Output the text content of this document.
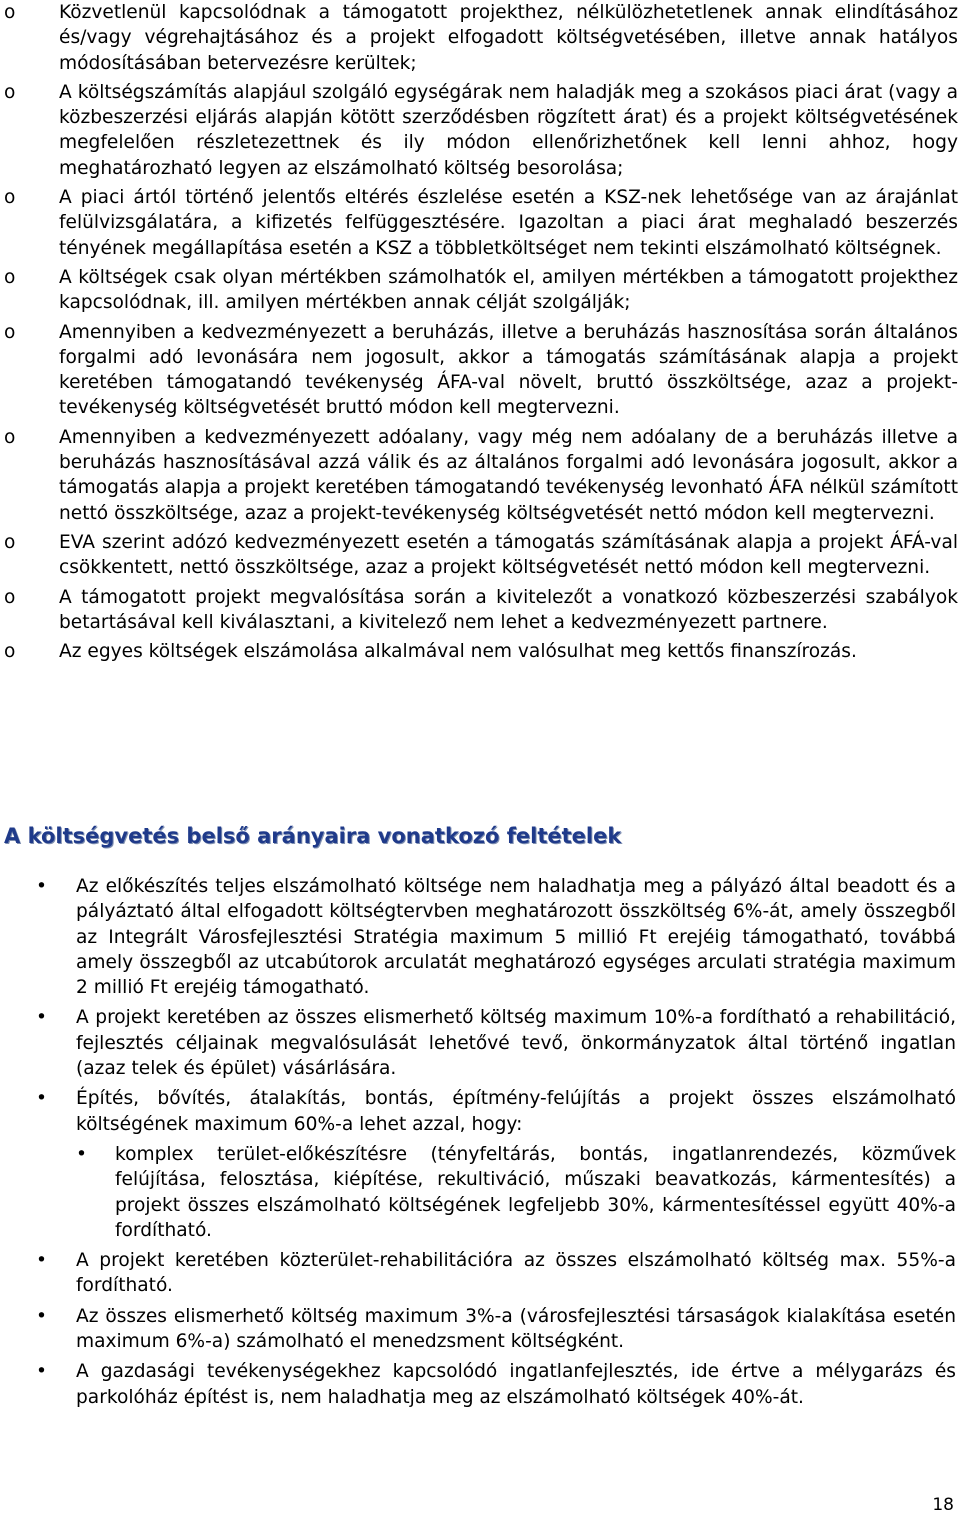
o Közvetlenül kapcsolódnak a támogatott projekthez, nélkülözhetetlenek annak elindításához és/vagy végrehajtásához és a projekt elfogadott költségvetésében, illetve annak hatályos módosításában betervezésre kerültek;

o A költségszámítás alapjául szolgáló egységárak nem haladják meg a szokásos piaci árat (vagy a közbeszerzési eljárás alapján kötött szerződésben rögzített árat) és a projekt költségvetésének megfelelően részletezettnek és ily módon ellenőrizhetőnek kell lenni ahhoz, hogy meghatározható legyen az elszámolható költség besorolása;

o A piaci ártól történő jelentős eltérés észlelése esetén a KSZ-nek lehetősége van az árajánlat felülvizsgálatára, a kifizetés felfüggesztésére. Igazoltan a piaci árat meghaladó beszerzés tényének megállapítása esetén a KSZ a többletköltséget nem tekinti elszámolható költségnek.

o A költségek csak olyan mértékben számolhatók el, amilyen mértékben a támogatott projekthez kapcsolódnak, ill. amilyen mértékben annak célját szolgálják;

o Amennyiben a kedvezményezett a beruházás, illetve a beruházás hasznosítása során általános forgalmi adó levonására nem jogosult, akkor a támogatás számításának alapja a projekt keretében támogatandó tevékenység ÁFA-val növelt, bruttó összköltsége, azaz a projekt-tevékenység költségvetését bruttó módon kell megtervezni.

o Amennyiben a kedvezményezett adóalany, vagy még nem adóalany de a beruházás illetve a beruházás hasznosításával azzá válik és az általános forgalmi adó levonására jogosult, akkor a támogatás alapja a projekt keretében támogatandó tevékenység levonható ÁFA nélkül számított nettó összköltsége, azaz a projekt-tevékenység költségvetését nettó módon kell megtervezni.

o EVA szerint adózó kedvezményezett esetén a támogatás számításának alapja a projekt ÁFÁ-val csökkentett, nettó összköltsége, azaz a projekt költségvetését nettó módon kell megtervezni.

o A támogatott projekt megvalósítása során a kivitelezőt a vonatkozó közbeszerzési szabályok betartásával kell kiválasztani, a kivitelező nem lehet a kedvezményezett partnere.

o Az egyes költségek elszámolása alkalmával nem valósulhat meg kettős finanszírozás.

A költségvetés belső arányaira vonatkozó feltételek
• Az előkészítés teljes elszámolható költsége nem haladhatja meg a pályázó által beadott és a pályáztató által elfogadott költségtervben meghatározott összköltség 6%-át, amely összegből az Integrált Városfejlesztési Stratégia maximum 5 millió Ft erejéig támogatható, továbbá amely összegből az utcabútorok arculatát meghatározó egységes arculati stratégia maximum 2 millió Ft erejéig támogatható.

• A projekt keretében az összes elismerhető költség maximum 10%-a fordítható a rehabilitáció, fejlesztés céljainak megvalósulását lehetővé tevő, önkormányzatok által történő ingatlan (azaz telek és épület) vásárlására.

• Építés, bővítés, átalakítás, bontás, építmény-felújítás a projekt összes elszámolható költségének maximum 60%-a lehet azzal, hogy:

• komplex terület-előkészítésre (tényfeltárás, bontás, ingatlanrendezés, közművek felújítása, felosztása, kiépítése, rekultiváció, műszaki beavatkozás, kármentesítés) a projekt összes elszámolható költségének legfeljebb 30%, kármentesítéssel együtt 40%-a fordítható.

• A projekt keretében közterület-rehabilitációra az összes elszámolható költség max. 55%-a fordítható.

• Az összes elismerhető költség maximum 3%-a (városfejlesztési társaságok kialakítása esetén maximum 6%-a) számolható el menedzsment költségként.

• A gazdasági tevékenységekhez kapcsolódó ingatlanfejlesztés, ide értve a mélygarázs és parkolóház építést is, nem haladhatja meg az elszámolható költségek 40%-át.

18
